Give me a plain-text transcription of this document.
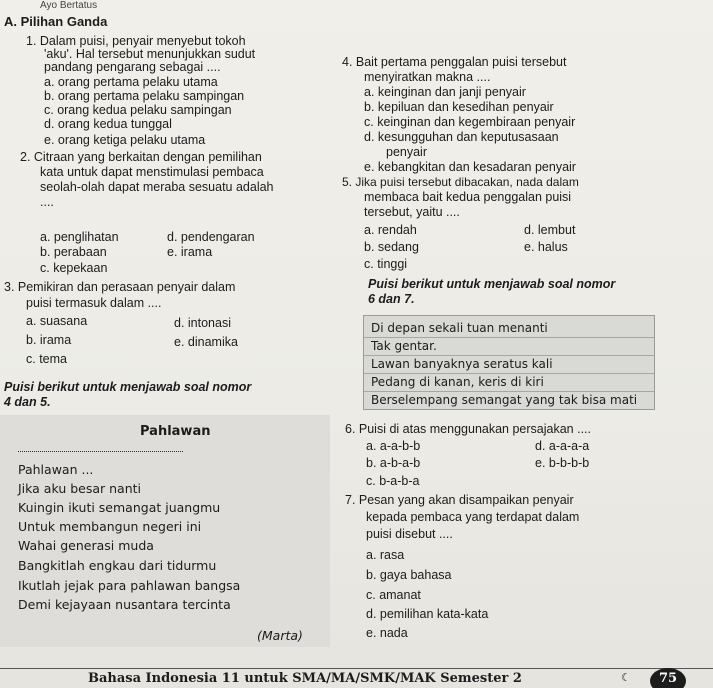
Ayo Bertatus
A. Pilihan Ganda
1. Dalam puisi, penyair menyebut tokoh
'aku'. Hal tersebut menunjukkan sudut
pandang pengarang sebagai ....
a. orang pertama pelaku utama
b. orang pertama pelaku sampingan
c. orang kedua pelaku sampingan
d. orang kedua tunggal
e. orang ketiga pelaku utama
2. Citraan yang berkaitan dengan pemilihan
kata untuk dapat menstimulasi pembaca
seolah-olah dapat meraba sesuatu adalah
....
a. penglihatan	d. pendengaran
b. perabaan	e. irama
c. kepekaan
3. Pemikiran dan perasaan penyair dalam
puisi termasuk dalam ....
a. suasana	d. intonasi
b. irama	e. dinamika
c. tema
Puisi berikut untuk menjawab soal nomor
4 dan 5.
Pahlawan
Pahlawan ...
Jika aku besar nanti
Kuingin ikuti semangat juangmu
Untuk membangun negeri ini
Wahai generasi muda
Bangkitlah engkau dari tidurmu
Ikutlah jejak para pahlawan bangsa
Demi kejayaan nusantara tercinta
(Marta)
4. Bait pertama penggalan puisi tersebut
menyiratkan makna ....
a. keinginan dan janji penyair
b. kepiluan dan kesedihan penyair
c. keinginan dan kegembiraan penyair
d. kesungguhan dan keputusasaan
penyair
e. kebangkitan dan kesadaran penyair
5. Jika puisi tersebut dibacakan, nada dalam
membaca bait kedua penggalan puisi
tersebut, yaitu ....
a. rendah	d. lembut
b. sedang	e. halus
c. tinggi
Puisi berikut untuk menjawab soal nomor
6 dan 7.
Di depan sekali tuan menanti
Tak gentar.
Lawan banyaknya seratus kali
Pedang di kanan, keris di kiri
Berselempang semangat yang tak bisa mati
6. Puisi di atas menggunakan persajakan ....
a. a-a-b-b	d. a-a-a-a
b. a-b-a-b	e. b-b-b-b
c. b-a-b-a
7. Pesan yang akan disampaikan penyair
kepada pembaca yang terdapat dalam
puisi disebut ....
a. rasa
b. gaya bahasa
c. amanat
d. pemilihan kata-kata
e. nada
Bahasa Indonesia 11 untuk SMA/MA/SMK/MAK Semester 2	☾	75
